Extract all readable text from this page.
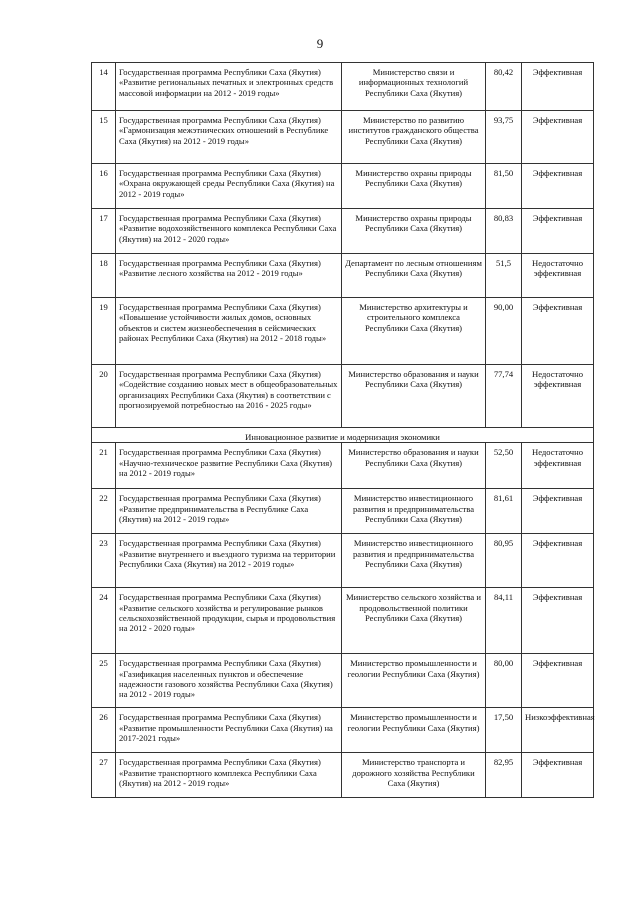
9
14	Государственная программа Республики Саха (Якутия) «Развитие региональных печатных и электронных средств массовой информации на 2012 - 2019 годы»	Министерство связи и информационных технологий Республики Саха (Якутия)	80,42	Эффективная
15	Государственная программа Республики Саха (Якутия) «Гармонизация межэтнических отношений в Республике Саха (Якутия) на 2012 - 2019 годы»	Министерство по развитию институтов гражданского общества Республики Саха (Якутия)	93,75	Эффективная
16	Государственная программа Республики Саха (Якутия) «Охрана окружающей среды Республики Саха (Якутия) на 2012 - 2019 годы»	Министерство охраны природы Республики Саха (Якутия)	81,50	Эффективная
17	Государственная программа Республики Саха (Якутия) «Развитие водохозяйственного комплекса Республики Саха (Якутия) на 2012 - 2020 годы»	Министерство охраны природы Республики Саха (Якутия)	80,83	Эффективная
18	Государственная программа Республики Саха (Якутия) «Развитие лесного хозяйства на 2012 - 2019 годы»	Департамент по лесным отношениям Республики Саха (Якутия)	51,5	Недостаточно эффективная
19	Государственная программа Республики Саха (Якутия) «Повышение устойчивости жилых домов, основных объектов и систем жизнеобеспечения в сейсмических районах Республики Саха (Якутия) на 2012 - 2018 годы»	Министерство архитектуры и строительного комплекса Республики Саха (Якутия)	90,00	Эффективная
20	Государственная программа Республики Саха (Якутия) «Содействие созданию новых мест в общеобразовательных организациях Республики Саха (Якутия) в соответствии с прогнозируемой потребностью на 2016 - 2025 годы»	Министерство образования и науки Республики Саха (Якутия)	77,74	Недостаточно эффективная
Инновационное развитие и модернизация экономики				
21	Государственная программа Республики Саха (Якутия) «Научно-техническое развитие Республики Саха (Якутия) на 2012 - 2019 годы»	Министерство образования и науки Республики Саха (Якутия)	52,50	Недостаточно эффективная
22	Государственная программа Республики Саха (Якутия) «Развитие предпринимательства в Республике Саха (Якутия) на 2012 - 2019 годы»	Министерство инвестиционного развития и предпринимательства Республики Саха (Якутия)	81,61	Эффективная
23	Государственная программа Республики Саха (Якутия) «Развитие внутреннего и въездного туризма на территории Республики Саха (Якутия) на 2012 - 2019 годы»	Министерство инвестиционного развития и предпринимательства Республики Саха (Якутия)	80,95	Эффективная
24	Государственная программа Республики Саха (Якутия) «Развитие сельского хозяйства и регулирование рынков сельскохозяйственной продукции, сырья и продовольствия на 2012 - 2020 годы»	Министерство сельского хозяйства и продовольственной политики Республики Саха (Якутия)	84,11	Эффективная
25	Государственная программа Республики Саха (Якутия) «Газификация населенных пунктов и обеспечение надежности газового хозяйства Республики Саха (Якутия) на 2012 - 2019 годы»	Министерство промышленности и геологии Республики Саха (Якутия)	80,00	Эффективная
26	Государственная программа Республики Саха (Якутия) «Развитие промышленности Республики Саха (Якутия) на 2017-2021 годы»	Министерство промышленности и геологии Республики Саха (Якутия)	17,50	Низкоэффективная
27	Государственная программа Республики Саха (Якутия) «Развитие транспортного комплекса Республики Саха (Якутия) на 2012 - 2019 годы»	Министерство транспорта и дорожного хозяйства Республики Саха (Якутия)	82,95	Эффективная
